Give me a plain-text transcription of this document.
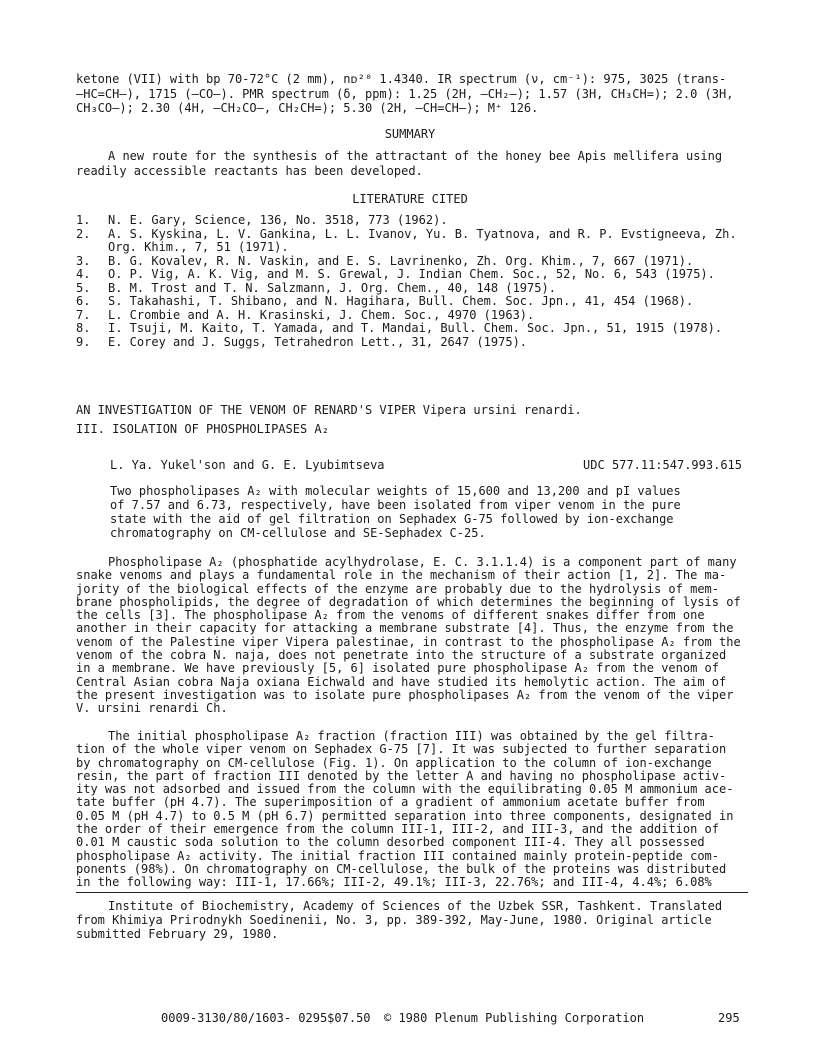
ketone (VII) with bp 70-72°C (2 mm), nᴅ²⁰ 1.4340. IR spectrum (ν, cm⁻¹): 975, 3025 (trans-
—HC=CH—), 1715 (—CO—). PMR spectrum (δ, ppm): 1.25 (2H, —CH₂—); 1.57 (3H, CH₃CH=); 2.0 (3H,
CH₃CO—); 2.30 (4H, —CH₂CO—, CH₂CH=); 5.30 (2H, —CH=CH—); M⁺ 126.
SUMMARY
A new route for the synthesis of the attractant of the honey bee Apis mellifera using
readily accessible reactants has been developed.
LITERATURE CITED
1. N. E. Gary, Science, 136, No. 3518, 773 (1962).
2. A. S. Kyskina, L. V. Gankina, L. L. Ivanov, Yu. B. Tyatnova, and R. P. Evstigneeva, Zh.
Org. Khim., 7, 51 (1971).
3. B. G. Kovalev, R. N. Vaskin, and E. S. Lavrinenko, Zh. Org. Khim., 7, 667 (1971).
4. O. P. Vig, A. K. Vig, and M. S. Grewal, J. Indian Chem. Soc., 52, No. 6, 543 (1975).
5. B. M. Trost and T. N. Salzmann, J. Org. Chem., 40, 148 (1975).
6. S. Takahashi, T. Shibano, and N. Hagihara, Bull. Chem. Soc. Jpn., 41, 454 (1968).
7. L. Crombie and A. H. Krasinski, J. Chem. Soc., 4970 (1963).
8. I. Tsuji, M. Kaito, T. Yamada, and T. Mandai, Bull. Chem. Soc. Jpn., 51, 1915 (1978).
9. E. Corey and J. Suggs, Tetrahedron Lett., 31, 2647 (1975).
AN INVESTIGATION OF THE VENOM OF RENARD'S VIPER Vipera ursini renardi.
III. ISOLATION OF PHOSPHOLIPASES A₂
L. Ya. Yukel'son and G. E. Lyubimtseva	UDC 577.11:547.993.615
Two phospholipases A₂ with molecular weights of 15,600 and 13,200 and pI values
of 7.57 and 6.73, respectively, have been isolated from viper venom in the pure
state with the aid of gel filtration on Sephadex G-75 followed by ion-exchange
chromatography on CM-cellulose and SE-Sephadex C-25.
Phospholipase A₂ (phosphatide acylhydrolase, E. C. 3.1.1.4) is a component part of many
snake venoms and plays a fundamental role in the mechanism of their action [1, 2]. The ma-
jority of the biological effects of the enzyme are probably due to the hydrolysis of mem-
brane phospholipids, the degree of degradation of which determines the beginning of lysis of
the cells [3]. The phospholipase A₂ from the venoms of different snakes differ from one
another in their capacity for attacking a membrane substrate [4]. Thus, the enzyme from the
venom of the Palestine viper Vipera palestinae, in contrast to the phospholipase A₂ from the
venom of the cobra N. naja, does not penetrate into the structure of a substrate organized
in a membrane. We have previously [5, 6] isolated pure phospholipase A₂ from the venom of
Central Asian cobra Naja oxiana Eichwald and have studied its hemolytic action. The aim of
the present investigation was to isolate pure phospholipases A₂ from the venom of the viper
V. ursini renardi Ch.
The initial phospholipase A₂ fraction (fraction III) was obtained by the gel filtra-
tion of the whole viper venom on Sephadex G-75 [7]. It was subjected to further separation
by chromatography on CM-cellulose (Fig. 1). On application to the column of ion-exchange
resin, the part of fraction III denoted by the letter A and having no phospholipase activ-
ity was not adsorbed and issued from the column with the equilibrating 0.05 M ammonium ace-
tate buffer (pH 4.7). The superimposition of a gradient of ammonium acetate buffer from
0.05 M (pH 4.7) to 0.5 M (pH 6.7) permitted separation into three components, designated in
the order of their emergence from the column III-1, III-2, and III-3, and the addition of
0.01 M caustic soda solution to the column desorbed component III-4. They all possessed
phospholipase A₂ activity. The initial fraction III contained mainly protein-peptide com-
ponents (98%). On chromatography on CM-cellulose, the bulk of the proteins was distributed
in the following way: III-1, 17.66%; III-2, 49.1%; III-3, 22.76%; and III-4, 4.4%; 6.08%
Institute of Biochemistry, Academy of Sciences of the Uzbek SSR, Tashkent. Translated
from Khimiya Prirodnykh Soedinenii, No. 3, pp. 389-392, May-June, 1980. Original article
submitted February 29, 1980.
0009-3130/80/1603- 0295$07.50 © 1980 Plenum Publishing Corporation	295
